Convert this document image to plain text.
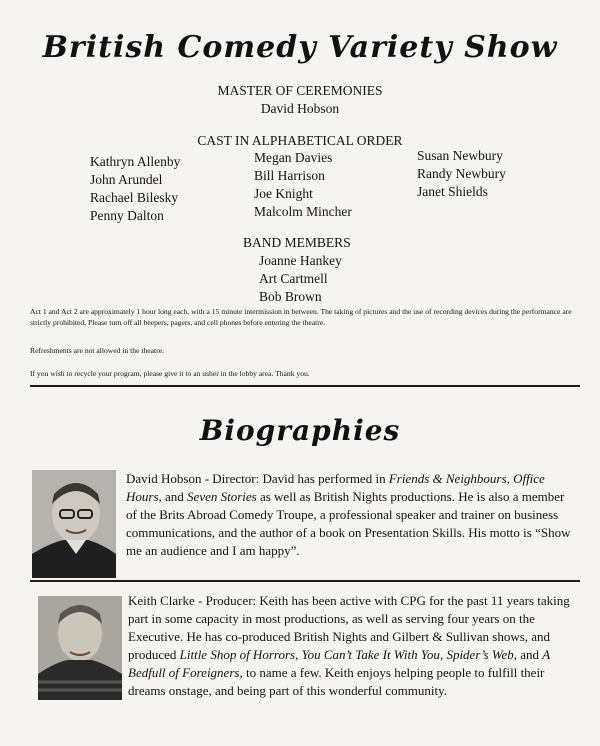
British Comedy Variety Show
MASTER OF CEREMONIES
David Hobson
CAST IN ALPHABETICAL ORDER
Kathryn Allenby
John Arundel
Rachael Bilesky
Penny Dalton
Megan Davies
Bill Harrison
Joe Knight
Malcolm Mincher
Susan Newbury
Randy Newbury
Janet Shields
BAND MEMBERS
Joanne Hankey
Art Cartmell
Bob Brown
Act 1 and Act 2 are approximately 1 hour long each, with a 15 minute intermission in between. The taking of pictures and the use of recording devices during the performance are strictly prohibited. Please turn off all beepers, pagers, and cell phones before entering the theatre.
Refreshments are not allowed in the theatre.
If you wish to recycle your program, please give it to an usher in the lobby area. Thank you.
Biographies
David Hobson - Director: David has performed in Friends & Neighbours, Office Hours, and Seven Stories as well as British Nights productions. He is also a member of the Brits Abroad Comedy Troupe, a professional speaker and trainer on business communications, and the author of a book on Presentation Skills. His motto is “Show me an audience and I am happy”.
Keith Clarke - Producer: Keith has been active with CPG for the past 11 years taking part in some capacity in most productions, as well as serving four years on the Executive. He has co-produced British Nights and Gilbert & Sullivan shows, and produced Little Shop of Horrors, You Can’t Take It With You, Spider’s Web, and A Bedfull of Foreigners, to name a few. Keith enjoys helping people to fulfill their dreams onstage, and being part of this wonderful community.
